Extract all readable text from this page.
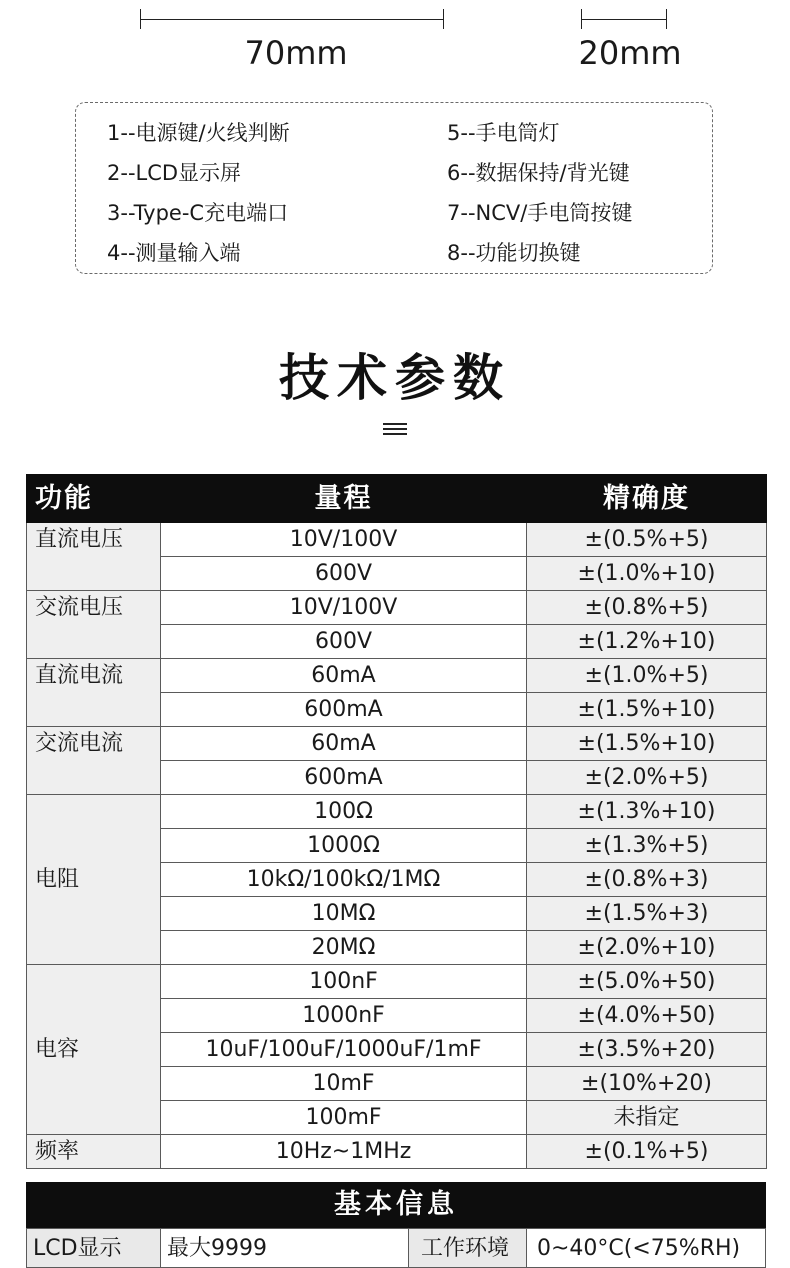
70mm	20mm
1--电源键/火线判断
2--LCD显示屏
3--Type-C充电端口
4--测量输入端
5--手电筒灯
6--数据保持/背光键
7--NCV/手电筒按键
8--功能切换键
技术参数
功能	量程	精确度
直流电压	10V/100V	±(0.5%+5)
	600V	±(1.0%+10)
交流电压	10V/100V	±(0.8%+5)
	600V	±(1.2%+10)
直流电流	60mA	±(1.0%+5)
	600mA	±(1.5%+10)
交流电流	60mA	±(1.5%+10)
	600mA	±(2.0%+5)
电阻	100Ω	±(1.3%+10)
	1000Ω	±(1.3%+5)
	10kΩ/100kΩ/1MΩ	±(0.8%+3)
	10MΩ	±(1.5%+3)
	20MΩ	±(2.0%+10)
电容	100nF	±(5.0%+50)
	1000nF	±(4.0%+50)
	10uF/100uF/1000uF/1mF	±(3.5%+20)
	10mF	±(10%+20)
	100mF	未指定
频率	10Hz~1MHz	±(0.1%+5)
基本信息
LCD显示	最大9999	工作环境	0~40°C(<75%RH)
